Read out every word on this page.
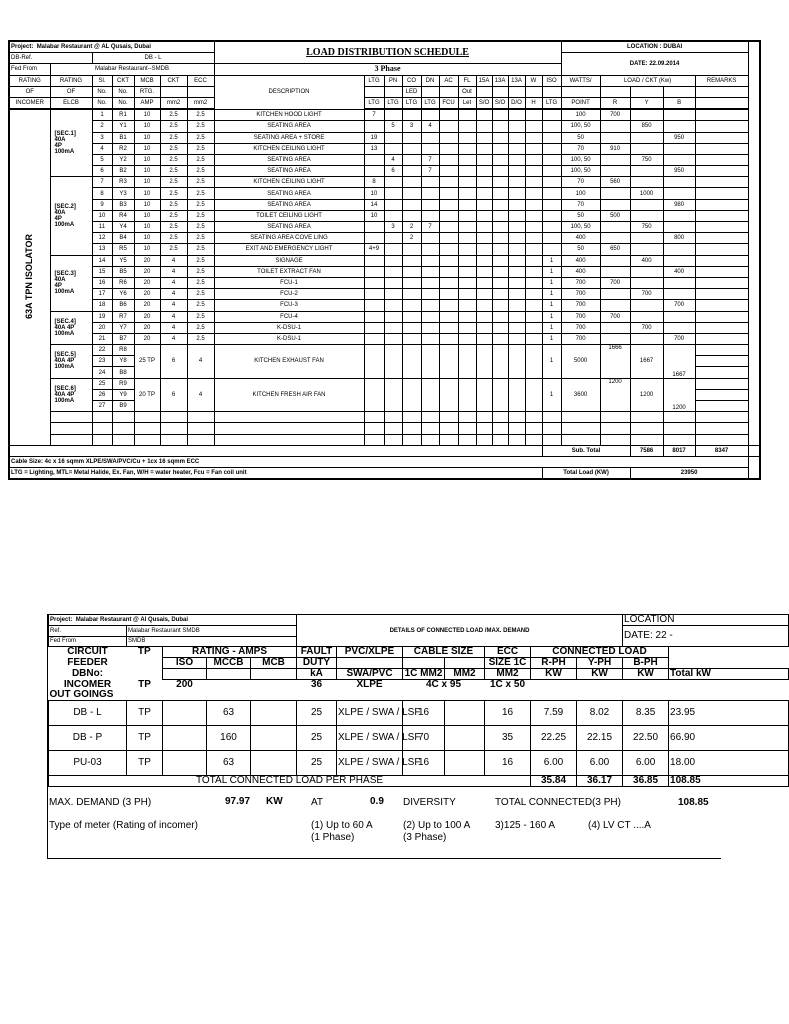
Project: Malabar Restaurant @ AL Qusais, Dubai							LOAD DISTRIBUTION SCHEDULE												LOCATION : DUBAI					
DB-Ref.		DB - L																	DATE: 22.09.2014					
Fed From	Malabar Restaurant--SMDB						3 Phase																	
RATING	RATING	Sl.	CKT	MCB	CKT	ECC	DESCRIPTION	LTG	PN	CO	DN	AC	FL	15A	13A	13A	W	ISO	WATTS/	LOAD / CKT (Kw)			REMARKS	
OF	OF	No.	No.	RTG.						LED			Out											
INCOMER	ELCB	No.	No.	AMP	mm2	mm2		LTG	LTG	LTG	LTG	FCU	Let	S/O	S/O	D/O	H	LTG	POINT	R	Y	B		
63A TPN ISOLATOR	[SEC.1]
40A
4P
100mA	1	R1	10	2.5	2.5	KITCHEN HOOD LIGHT	7											100	700				
		2	Y1	10	2.5	2.5	SEATING AREA		5	3	4								100, 50		850			
		3	B1	10	2.5	2.5	SEATING AREA + STORE	19											50			950		
		4	R2	10	2.5	2.5	KITCHEN CEILING LIGHT	13											70	910				
		5	Y2	10	2.5	2.5	SEATING AREA		4		7								100, 50		750			
		6	B2	10	2.5	2.5	SEATING AREA		6		7								100, 50			950		

	[SEC.2]
40A
4P
100mA	7	R3	10	2.5	2.5	KITCHEN CEILING LIGHT	8											70	560				
		8	Y3	10	2.5	2.5	SEATING AREA	10											100		1000			
		9	B3	10	2.5	2.5	SEATING AREA	14											70			980		
		10	R4	10	2.5	2.5	TOILET CEILING LIGHT	10											50	500				
		11	Y4	10	2.5	2.5	SEATING AREA		3	2	7								100, 50		750			
		12	B4	10	2.5	2.5	SEATING AREA COVE LING			2									400			800		
		13	R5	10	2.5	2.5	EXIT AND EMERGENCY LIGHT	4+9											50	650				

	[SEC.3]
40A
4P
100mA	14	Y5	20	4	2.5	SIGNAGE											1	400		400			
		15	B5	20	4	2.5	TOILET EXTRACT FAN											1	400			400		
		16	R6	20	4	2.5	FCU-1											1	700	700				
		17	Y6	20	4	2.5	FCU-2											1	700		700			
		18	B6	20	4	2.5	FCU-3											1	700			700		

	[SEC.4]
40A 4P
100mA	19	R7	20	4	2.5	FCU-4											1	700	700				
		20	Y7	20	4	2.5	K-DSU-1											1	700		700			
		21	B7	20	4	2.5	K-DSU-1											1	700			700		

	[SEC.5]
40A 4P
100mA	22	R8	25 TP	6	4	KITCHEN EXHAUST FAN											1	5000	1666	1667	1667		
		23	Y8																					
		24	B8																					

	[SEC.6]
40A 4P
100mA	25	R9	20 TP	6	4	KITCHEN FRESH AIR FAN											1	3600	1200	1200	1200		
		26	Y9																					
		27	B9																					

																		Sub. Total			7586	8017	8347	
Cable Size: 4c x 16 sqmm XLPE/SWA/PVC/Cu + 1cx 16 sqmm ECC																								
LTG = Lighting, MTL= Metal Halide, Ex. Fan, W/H = water heater, Fcu = Fan coil unit																		Total Load (KW)			23950			
Project: Malabar Restaurant @ Al Qusais, Dubai					DETAILS OF CONNECTED LOAD /MAX. DEMAND							LOCATION	
Ref.	Malabar Restaurant SMDB											DATE: 22 -	
Fed From	SMDB												
CIRCUIT	TP	RATING - AMPS			FAULT	PVC/XLPE	CABLE SIZE		ECC	CONNECTED LOAD			
FEEDER		ISO	MCCB	MCB	DUTY				SIZE 1C	R-PH	Y-PH	B-PH	
DBNo:					kA	SWA/PVC	1C MM2	MM2	MM2	KW	KW	KW	Total kW
INCOMER	TP	200			36	XLPE	4C x 95		1C x 50				
OUT GOINGS													
DB - L	TP		63		25	XLPE / SWA / LSF	16		16	7.59	8.02	8.35	23.95
DB - P	TP		160		25	XLPE / SWA / LSF	70		35	22.25	22.15	22.50	66.90
PU-03	TP		63		25	XLPE / SWA / LSF	16		16	6.00	6.00	6.00	18.00
TOTAL CONNECTED LOAD PER PHASE										35.84	36.17	36.85	108.85
MAX. DEMAND (3 PH)	97.97 KW	AT	0.9 DIVERSITY	TOTAL CONNECTED(3 PH)	108.85
Type of meter (Rating of incomer)	(1) Up to 60 A
(1 Phase)
(2) Up to 100 A
(3 Phase)
3)125 - 160 A	(4) LV CT ....A
